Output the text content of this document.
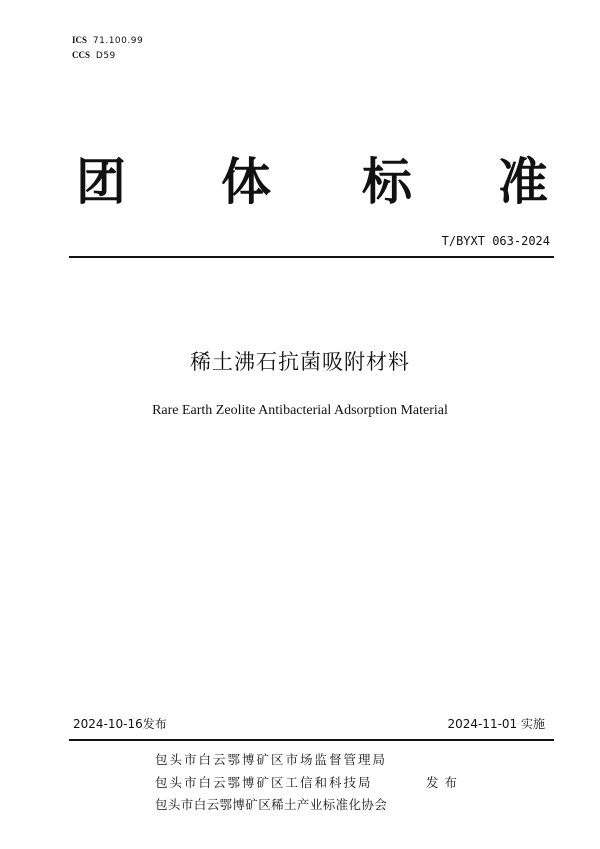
ICS 71.100.99
CCS D59
团 体 标 准
T/BYXT 063-2024
稀土沸石抗菌吸附材料
Rare Earth Zeolite Antibacterial Adsorption Material
2024-10-16发布	2024-11-01 实施
包头市白云鄂博矿区市场监督管理局
包头市白云鄂博矿区工信和科技局
包头市白云鄂博矿区稀土产业标准化协会
发布
